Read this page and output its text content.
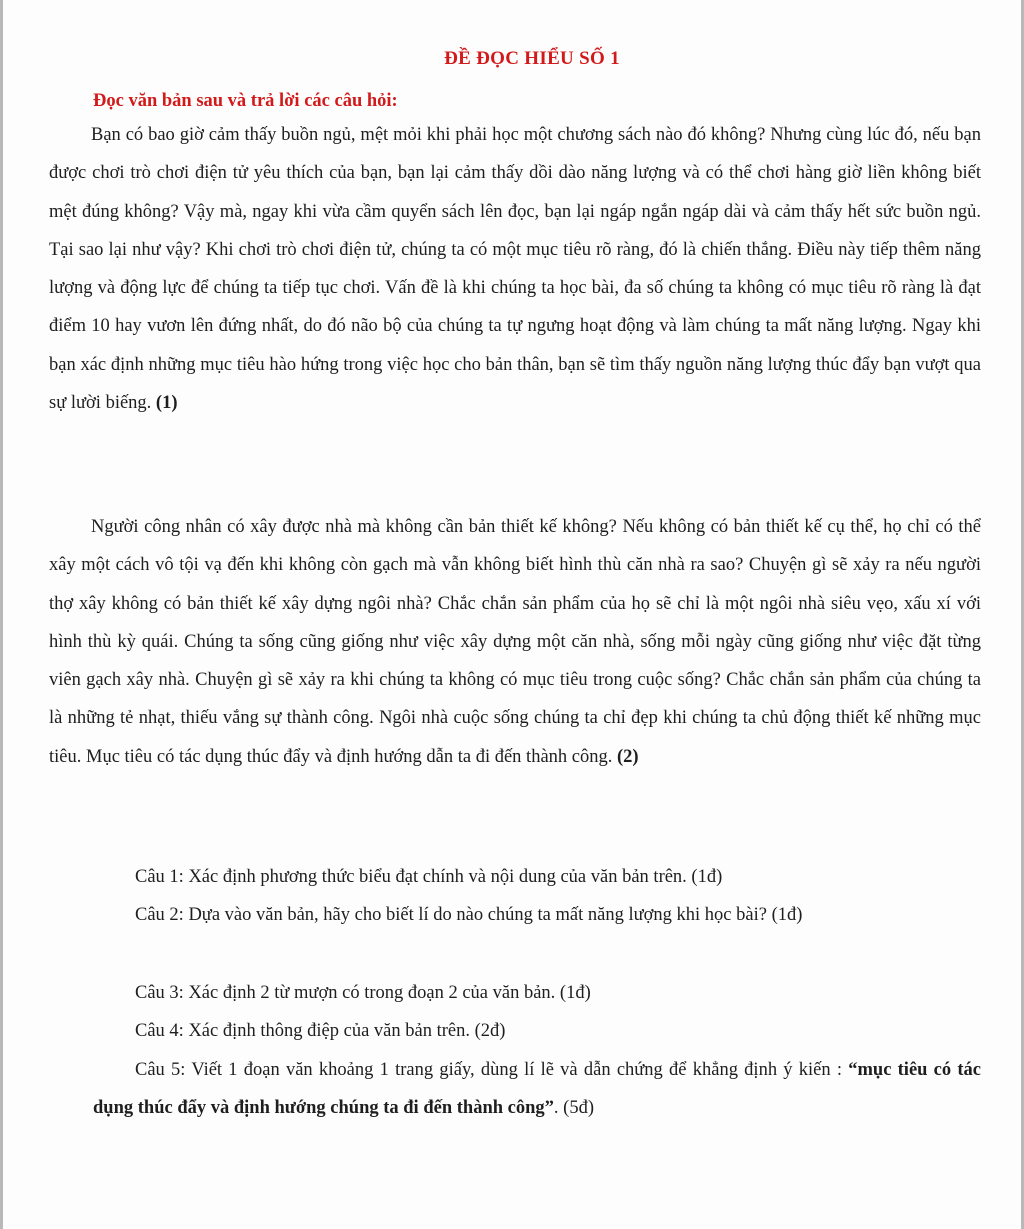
ĐỀ ĐỌC HIỂU SỐ 1
Đọc văn bản sau và trả lời các câu hỏi:

Bạn có bao giờ cảm thấy buồn ngủ, mệt mỏi khi phải học một chương sách nào đó không? Nhưng cùng lúc đó, nếu bạn được chơi trò chơi điện tử yêu thích của bạn, bạn lại cảm thấy dồi dào năng lượng và có thể chơi hàng giờ liền không biết mệt đúng không? Vậy mà, ngay khi vừa cầm quyển sách lên đọc, bạn lại ngáp ngắn ngáp dài và cảm thấy hết sức buồn ngủ. Tại sao lại như vậy? Khi chơi trò chơi điện tử, chúng ta có một mục tiêu rõ ràng, đó là chiến thắng. Điều này tiếp thêm năng lượng và động lực để chúng ta tiếp tục chơi. Vấn đề là khi chúng ta học bài, đa số chúng ta không có mục tiêu rõ ràng là đạt điểm 10 hay vươn lên đứng nhất, do đó não bộ của chúng ta tự ngưng hoạt động và làm chúng ta mất năng lượng. Ngay khi bạn xác định những mục tiêu hào hứng trong việc học cho bản thân, bạn sẽ tìm thấy nguồn năng lượng thúc đẩy bạn vượt qua sự lười biếng. (1)

Người công nhân có xây được nhà mà không cần bản thiết kế không? Nếu không có bản thiết kế cụ thể, họ chỉ có thể xây một cách vô tội vạ đến khi không còn gạch mà vẫn không biết hình thù căn nhà ra sao? Chuyện gì sẽ xảy ra nếu người thợ xây không có bản thiết kế xây dựng ngôi nhà? Chắc chắn sản phẩm của họ sẽ chỉ là một ngôi nhà siêu vẹo, xấu xí với hình thù kỳ quái. Chúng ta sống cũng giống như việc xây dựng một căn nhà, sống mỗi ngày cũng giống như việc đặt từng viên gạch xây nhà. Chuyện gì sẽ xảy ra khi chúng ta không có mục tiêu trong cuộc sống? Chắc chắn sản phẩm của chúng ta là những tẻ nhạt, thiếu vắng sự thành công. Ngôi nhà cuộc sống chúng ta chỉ đẹp khi chúng ta chủ động thiết kế những mục tiêu. Mục tiêu có tác dụng thúc đẩy và định hướng dẫn ta đi đến thành công. (2)

Câu 1: Xác định phương thức biểu đạt chính và nội dung của văn bản trên. (1đ)

Câu 2: Dựa vào văn bản, hãy cho biết lí do nào chúng ta mất năng lượng khi học bài? (1đ)

Câu 3: Xác định 2 từ mượn có trong đoạn 2 của văn bản. (1đ)

Câu 4: Xác định thông điệp của văn bản trên. (2đ)

Câu 5: Viết 1 đoạn văn khoảng 1 trang giấy, dùng lí lẽ và dẫn chứng để khẳng định ý kiến : “mục tiêu có tác dụng thúc đẩy và định hướng chúng ta đi đến thành công”. (5đ)
